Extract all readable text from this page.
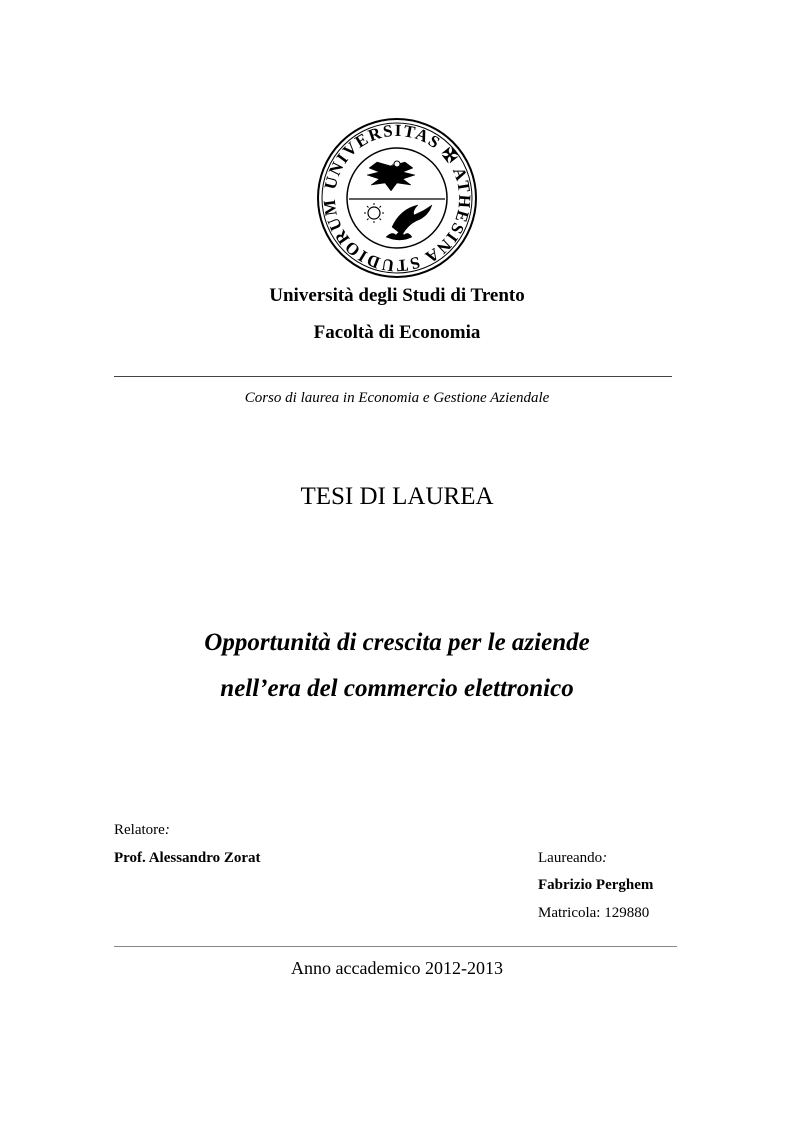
UNIVERSITAS ✠ ATHESINA STUDIORUM
Università degli Studi di Trento
Facoltà di Economia
Corso di laurea in Economia e Gestione Aziendale
TESI DI LAUREA
Opportunità di crescita per le aziende
nell’era del commercio elettronico
Relatore:
Prof. Alessandro Zorat	Laureando:
Fabrizio Perghem
Matricola: 129880
Anno accademico 2012-2013
